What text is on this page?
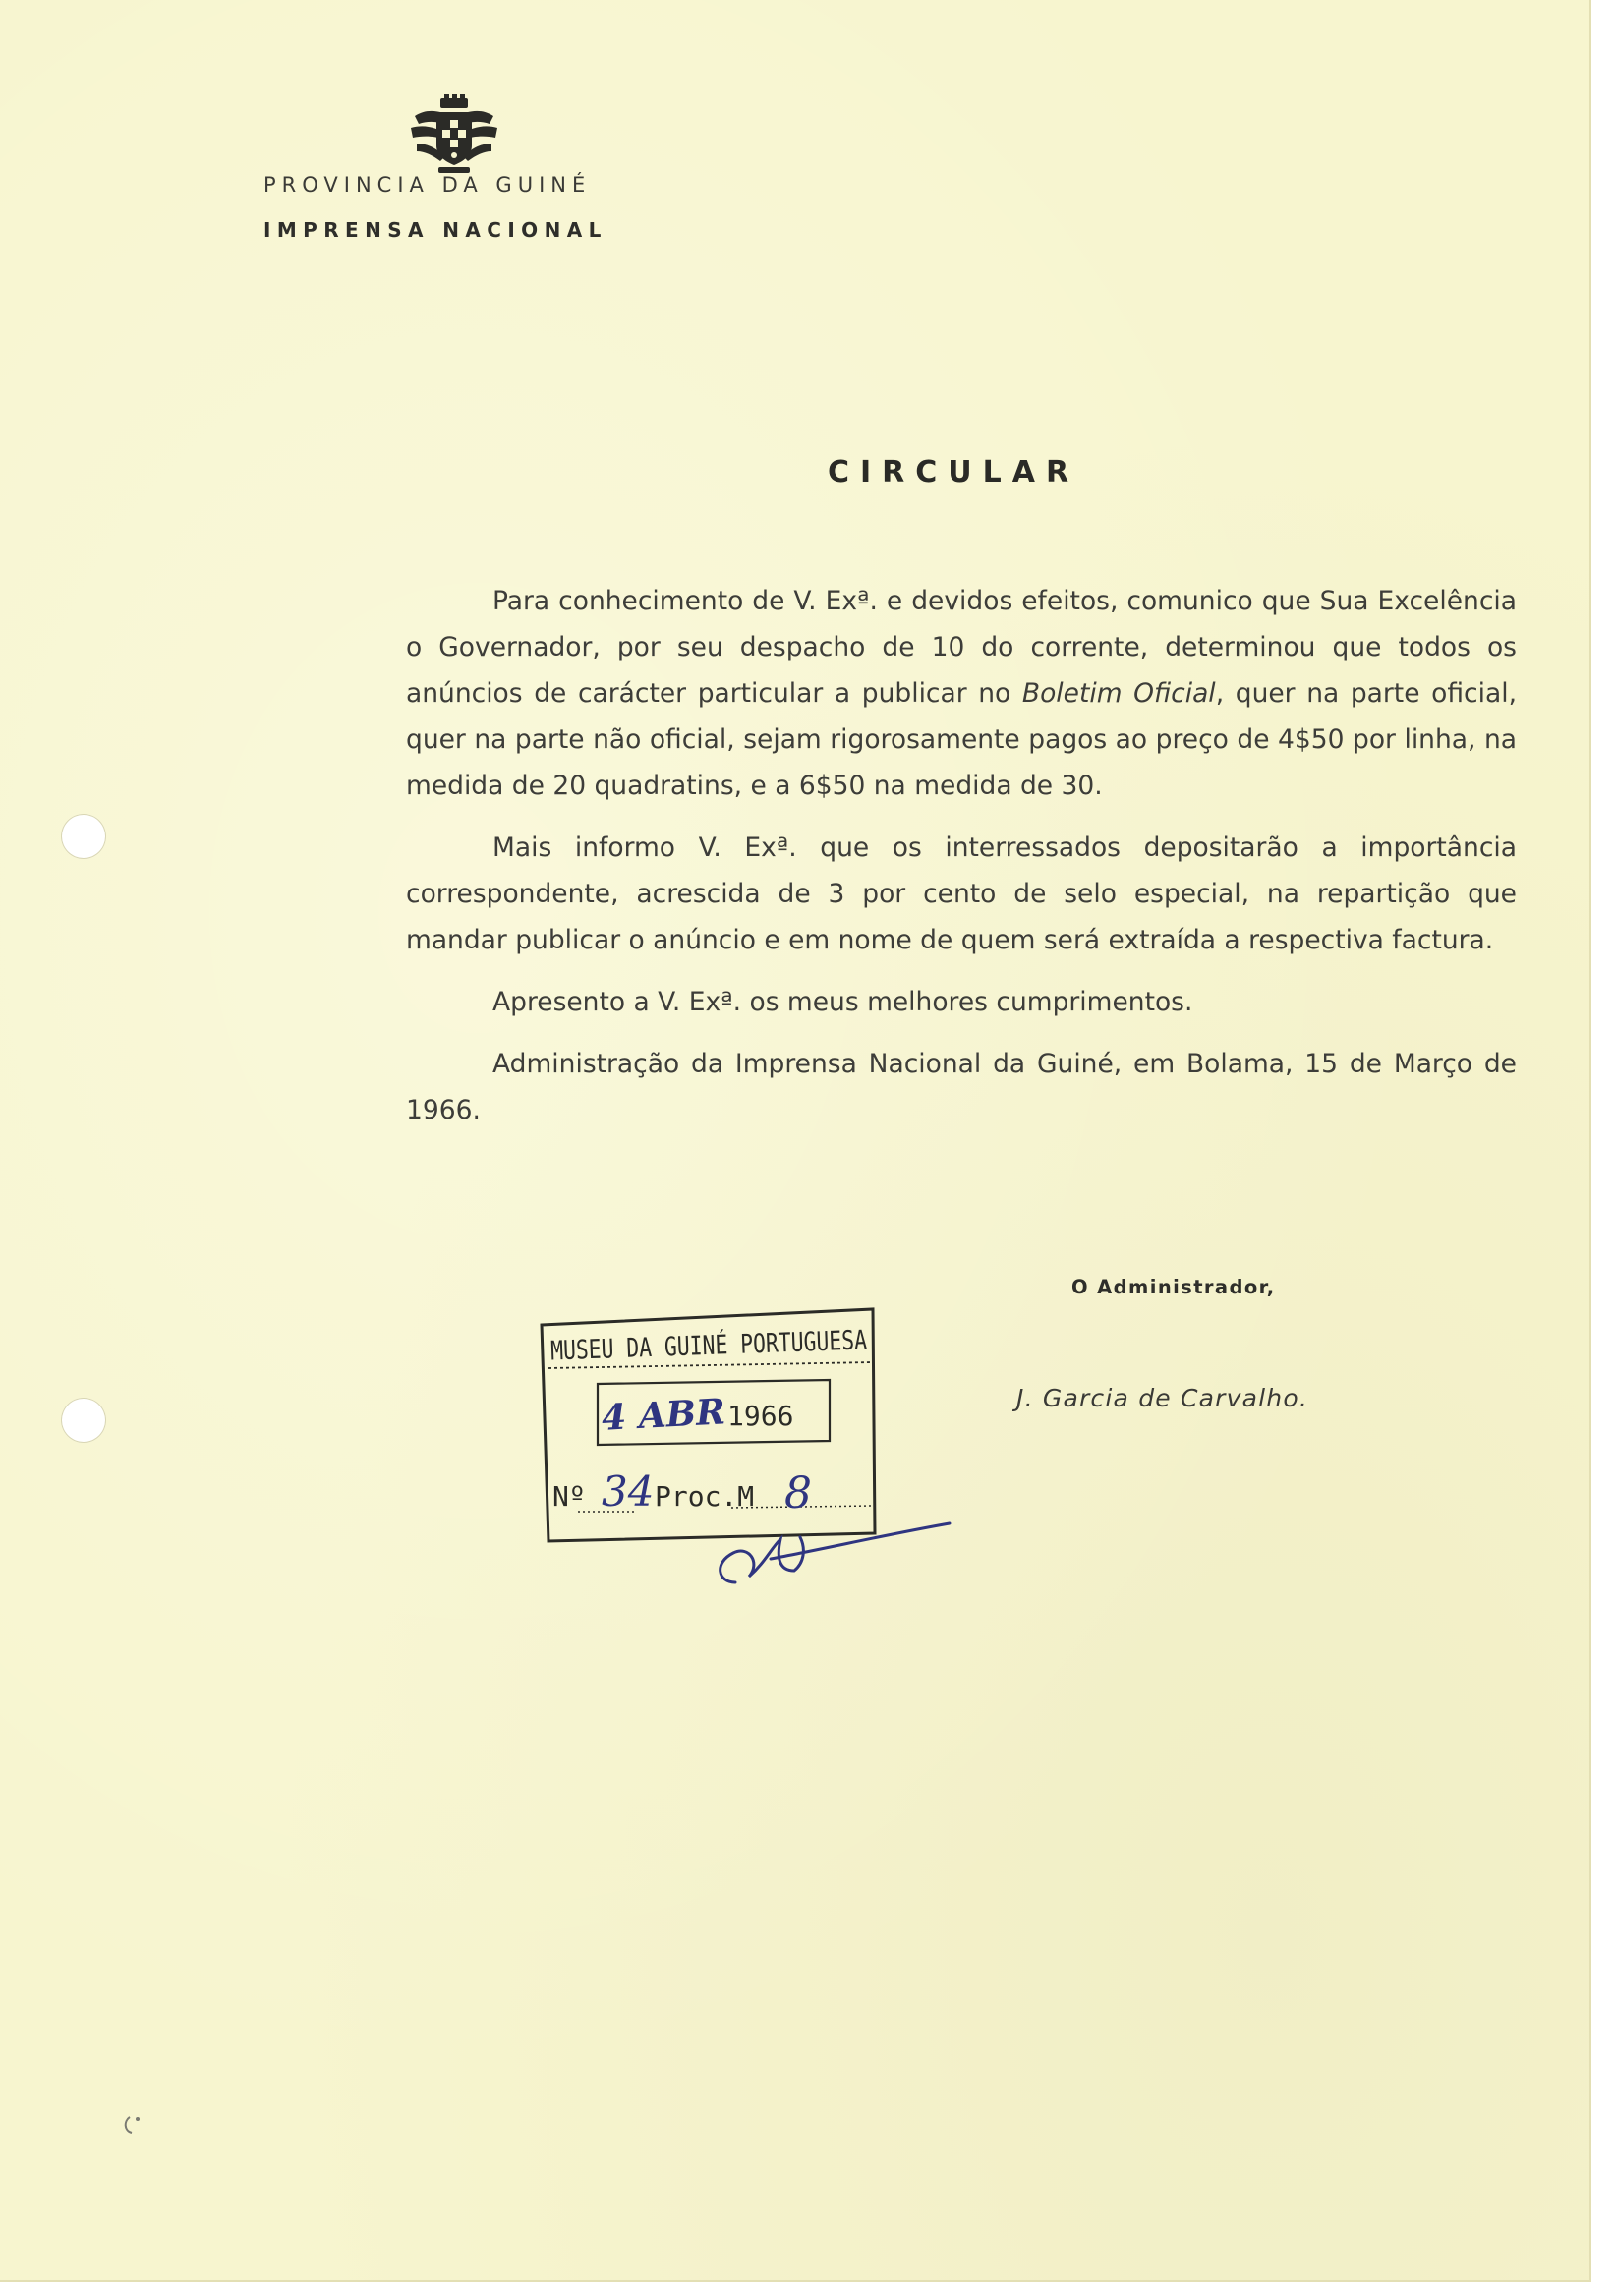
PROVINCIA DA GUINÉ
IMPRENSA NACIONAL
CIRCULAR

Para conhecimento de V. Exª. e devidos efeitos, comunico que Sua Excelência o Governador, por seu despacho de 10 do corrente, determinou que todos os anúncios de carácter particular a publicar no Boletim Oficial, quer na parte oficial, quer na parte não oficial, sejam rigorosamente pagos ao preço de 4$50 por linha, na medida de 20 quadratins, e a 6$50 na medida de 30.

Mais informo V. Exª. que os interressados depositarão a importância correspondente, acrescida de 3 por cento de selo especial, na repartição que mandar publicar o anúncio e em nome de quem será extraída a respectiva factura.

Apresento a V. Exª. os meus melhores cumprimentos.

Administração da Imprensa Nacional da Guiné, em Bolama, 15 de Março de 1966.

O Administrador,
J. Garcia de Carvalho.
MUSEU DA GUINÉ PORTUGUESA
1966
Nº	Proc.M
4 ABR
34	8
